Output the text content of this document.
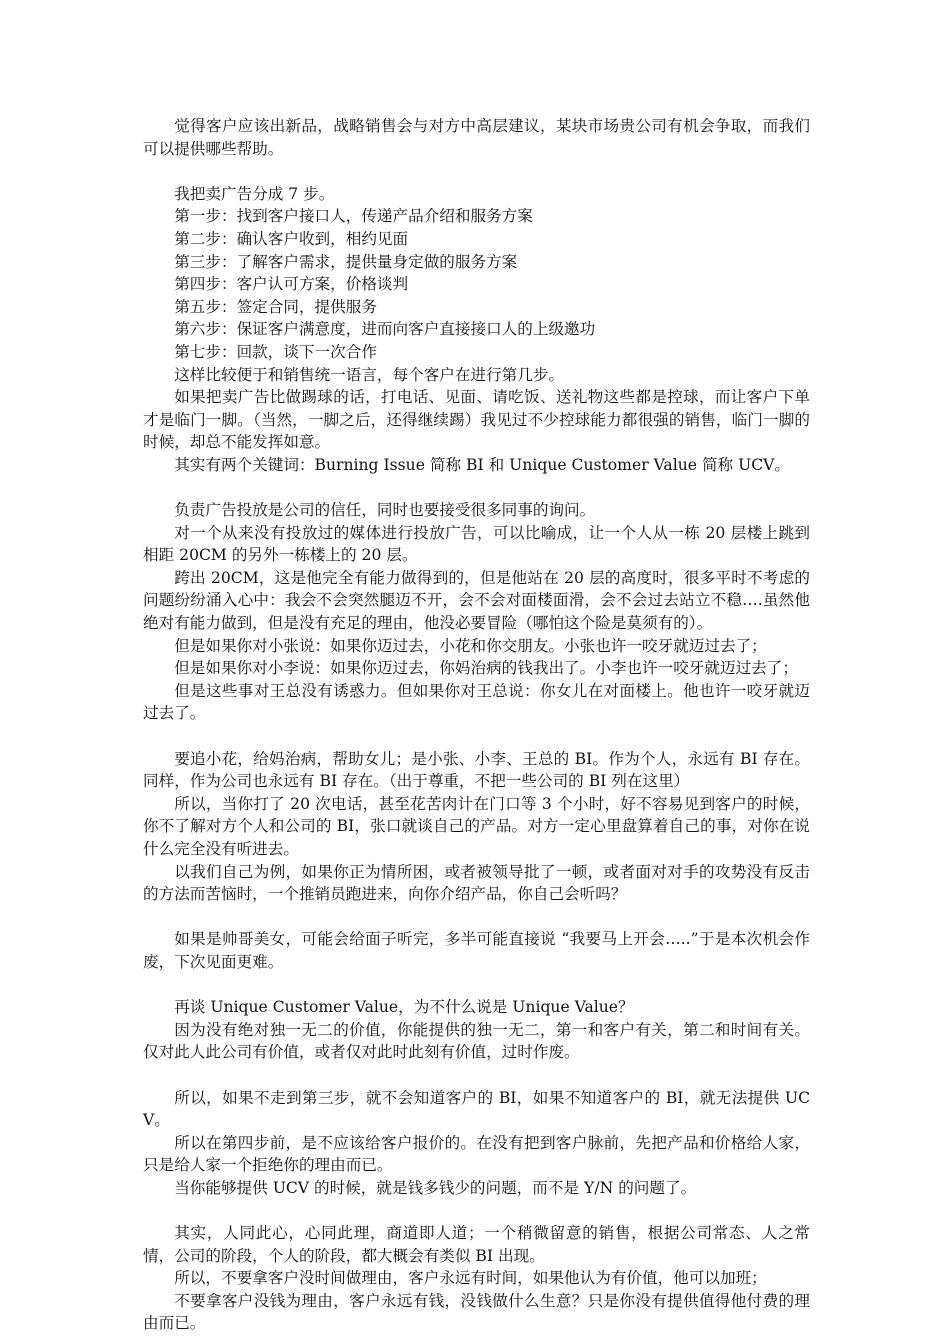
觉得客户应该出新品，战略销售会与对方中高层建议，某块市场贵公司有机会争取，而我们可以提供哪些帮助。

我把卖广告分成 7 步。

第一步：找到客户接口人，传递产品介绍和服务方案

第二步：确认客户收到，相约见面

第三步：了解客户需求，提供量身定做的服务方案

第四步：客户认可方案，价格谈判

第五步：签定合同，提供服务

第六步：保证客户满意度，进而向客户直接接口人的上级邀功

第七步：回款，谈下一次合作

这样比较便于和销售统一语言，每个客户在进行第几步。

如果把卖广告比做踢球的话，打电话、见面、请吃饭、送礼物这些都是控球，而让客户下单才是临门一脚。（当然，一脚之后，还得继续踢）我见过不少控球能力都很强的销售，临门一脚的时候，却总不能发挥如意。

其实有两个关键词：Burning Issue 简称 BI 和 Unique Customer Value 简称 UCV。

负责广告投放是公司的信任，同时也要接受很多同事的询问。

对一个从来没有投放过的媒体进行投放广告，可以比喻成，让一个人从一栋 20 层楼上跳到相距 20CM 的另外一栋楼上的 20 层。

跨出 20CM，这是他完全有能力做得到的，但是他站在 20 层的高度时，很多平时不考虑的问题纷纷涌入心中：我会不会突然腿迈不开，会不会对面楼面滑，会不会过去站立不稳….虽然他绝对有能力做到，但是没有充足的理由，他没必要冒险（哪怕这个险是莫须有的）。

但是如果你对小张说：如果你迈过去，小花和你交朋友。小张也许一咬牙就迈过去了；

但是如果你对小李说：如果你迈过去，你妈治病的钱我出了。小李也许一咬牙就迈过去了；

但是这些事对王总没有诱惑力。但如果你对王总说：你女儿在对面楼上。他也许一咬牙就迈过去了。

要追小花，给妈治病，帮助女儿；是小张、小李、王总的 BI。作为个人，永远有 BI 存在。同样，作为公司也永远有 BI 存在。（出于尊重，不把一些公司的 BI 列在这里）

所以，当你打了 20 次电话，甚至花苦肉计在门口等 3 个小时，好不容易见到客户的时候，你不了解对方个人和公司的 BI，张口就谈自己的产品。对方一定心里盘算着自己的事，对你在说什么完全没有听进去。

以我们自己为例，如果你正为情所困，或者被领导批了一顿，或者面对对手的攻势没有反击的方法而苦恼时，一个推销员跑进来，向你介绍产品，你自己会听吗？

如果是帅哥美女，可能会给面子听完，多半可能直接说 “我要马上开会…..”于是本次机会作废，下次见面更难。

再谈 Unique Customer Value，为不什么说是 Unique Value？

因为没有绝对独一无二的价值，你能提供的独一无二，第一和客户有关，第二和时间有关。仅对此人此公司有价值，或者仅对此时此刻有价值，过时作废。

所以，如果不走到第三步，就不会知道客户的 BI，如果不知道客户的 BI，就无法提供 UCV。

所以在第四步前，是不应该给客户报价的。在没有把到客户脉前，先把产品和价格给人家，只是给人家一个拒绝你的理由而已。

当你能够提供 UCV 的时候，就是钱多钱少的问题，而不是 Y/N 的问题了。

其实，人同此心，心同此理，商道即人道；一个稍微留意的销售，根据公司常态、人之常情，公司的阶段，个人的阶段，都大概会有类似 BI 出现。

所以，不要拿客户没时间做理由，客户永远有时间，如果他认为有价值，他可以加班；

不要拿客户没钱为理由，客户永远有钱，没钱做什么生意？只是你没有提供值得他付费的理由而已。
